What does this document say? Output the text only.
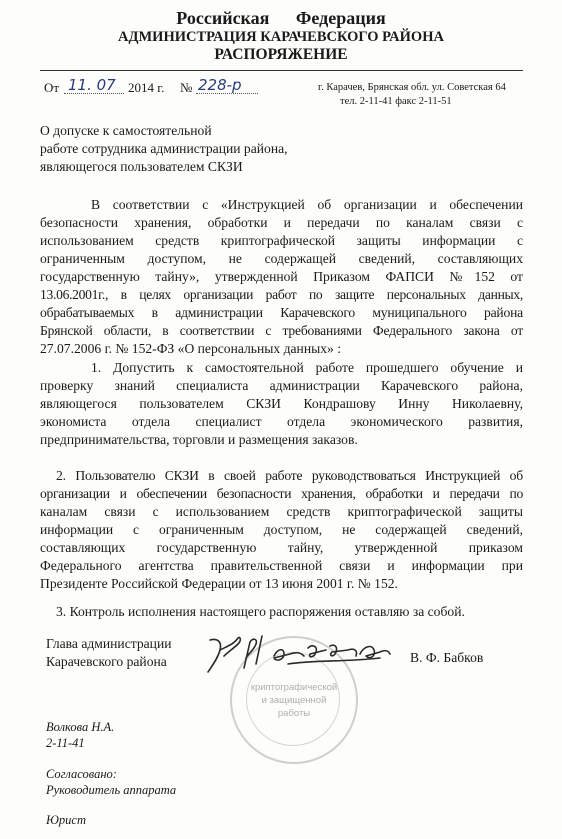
Российская Федерация
АДМИНИСТРАЦИЯ КАРАЧЕВСКОГО РАЙОНА
РАСПОРЯЖЕНИЕ
От 11. 07 2014 г. № 228-р	г. Карачев, Брянская обл. ул. Советская 64
тел. 2-11-41 факс 2-11-51
О допуске к самостоятельной
работе сотрудника администрации района,
являющегося пользователем СКЗИ
В соответствии с «Инструкцией об организации и обеспечении
безопасности хранения, обработки и передачи по каналам связи с
использованием средств криптографической защиты информации с
ограниченным доступом, не содержащей сведений, составляющих
государственную тайну», утвержденной Приказом ФАПСИ №152 от
13.06.2001г., в целях организации работ по защите персональных данных,
обрабатываемых в администрации Карачевского муниципального района
Брянской области, в соответствии с требованиями Федерального закона от
27.07.2006 г. № 152-ФЗ «О персональных данных» :
1. Допустить к самостоятельной работе прошедшего обучение и
проверку знаний специалиста администрации Карачевского района,
являющегося пользователем СКЗИ Кондрашову Инну Николаевну,
экономиста отдела специалист отдела экономического развития,
предпринимательства, торговли и размещения заказов.
2. Пользователю СКЗИ в своей работе руководствоваться Инструкцией об
организации и обеспечении безопасности хранения, обработки и передачи по
каналам связи с использованием средств криптографической защиты
информации с ограниченным доступом, не содержащей сведений,
составляющих государственную тайну, утвержденной приказом
Федерального агентства правительственной связи и информации при
Президенте Российской Федерации от 13 июня 2001 г. № 152.
3. Контроль исполнения настоящего распоряжения оставляю за собой.
криптографической
и защищенной
работы
Глава администрации
Карачевского района	В. Ф. Бабков
Волкова Н.А.
2-11-41
Согласовано:
Руководитель аппарата
Юрист
